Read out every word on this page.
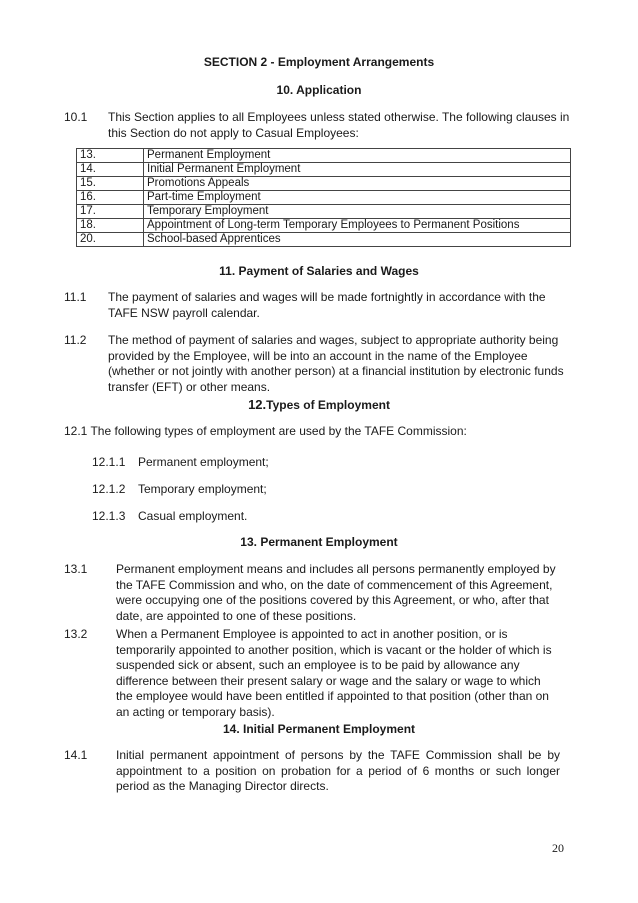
SECTION 2 - Employment Arrangements
10. Application
10.1	This Section applies to all Employees unless stated otherwise. The following clauses in this Section do not apply to Casual Employees:
13.	Permanent Employment
14.	Initial Permanent Employment
15.	Promotions Appeals
16.	Part-time Employment
17.	Temporary Employment
18.	Appointment of Long-term Temporary Employees to Permanent Positions
20.	School-based Apprentices
11. Payment of Salaries and Wages
11.1	The payment of salaries and wages will be made fortnightly in accordance with the TAFE NSW payroll calendar.
11.2	The method of payment of salaries and wages, subject to appropriate authority being provided by the Employee, will be into an account in the name of the Employee (whether or not jointly with another person) at a financial institution by electronic funds transfer (EFT) or other means.
12.Types of Employment
12.1 The following types of employment are used by the TAFE Commission:
12.1.1 Permanent employment;
12.1.2 Temporary employment;
12.1.3 Casual employment.
13. Permanent Employment
13.1	Permanent employment means and includes all persons permanently employed by the TAFE Commission and who, on the date of commencement of this Agreement, were occupying one of the positions covered by this Agreement, or who, after that date, are appointed to one of these positions.
13.2	When a Permanent Employee is appointed to act in another position, or is temporarily appointed to another position, which is vacant or the holder of which is suspended sick or absent, such an employee is to be paid by allowance any difference between their present salary or wage and the salary or wage to which the employee would have been entitled if appointed to that position (other than on an acting or temporary basis).
14. Initial Permanent Employment
14.1	Initial permanent appointment of persons by the TAFE Commission shall be by appointment to a position on probation for a period of 6 months or such longer period as the Managing Director directs.
20
